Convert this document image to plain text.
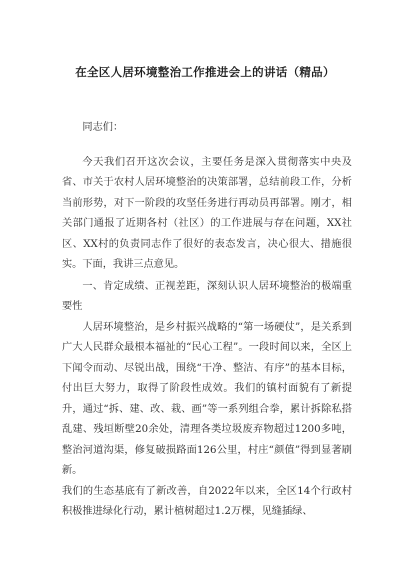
在全区人居环境整治工作推进会上的讲话（精品）

同志们：

今天我们召开这次会议，主要任务是深入贯彻落实中央及省、市关于农村人居环境整治的决策部署，总结前段工作，分析当前形势，对下一阶段的攻坚任务进行再动员再部署。刚才，相关部门通报了近期各村（社区）的工作进展与存在问题，XX社区、XX村的负责同志作了很好的表态发言，决心很大、措施很实。下面，我讲三点意见。

一、肯定成绩、正视差距，深刻认识人居环境整治的极端重要性

人居环境整治，是乡村振兴战略的“第一场硬仗”，是关系到广大人民群众最根本福祉的“民心工程”。一段时间以来，全区上下闻令而动、尽锐出战，围绕“干净、整洁、有序”的基本目标，付出巨大努力，取得了阶段性成效。我们的镇村面貌有了新提升，通过“拆、建、改、栽、画”等一系列组合拳，累计拆除私搭乱建、残垣断壁20余处，清理各类垃圾废弃物超过1200多吨，整治河道沟渠，修复破损路面126公里，村庄“颜值”得到显著刷新。

我们的生态基底有了新改善，自2022年以来，全区14个行政村积极推进绿化行动，累计植树超过1.2万棵，见缝插绿、
